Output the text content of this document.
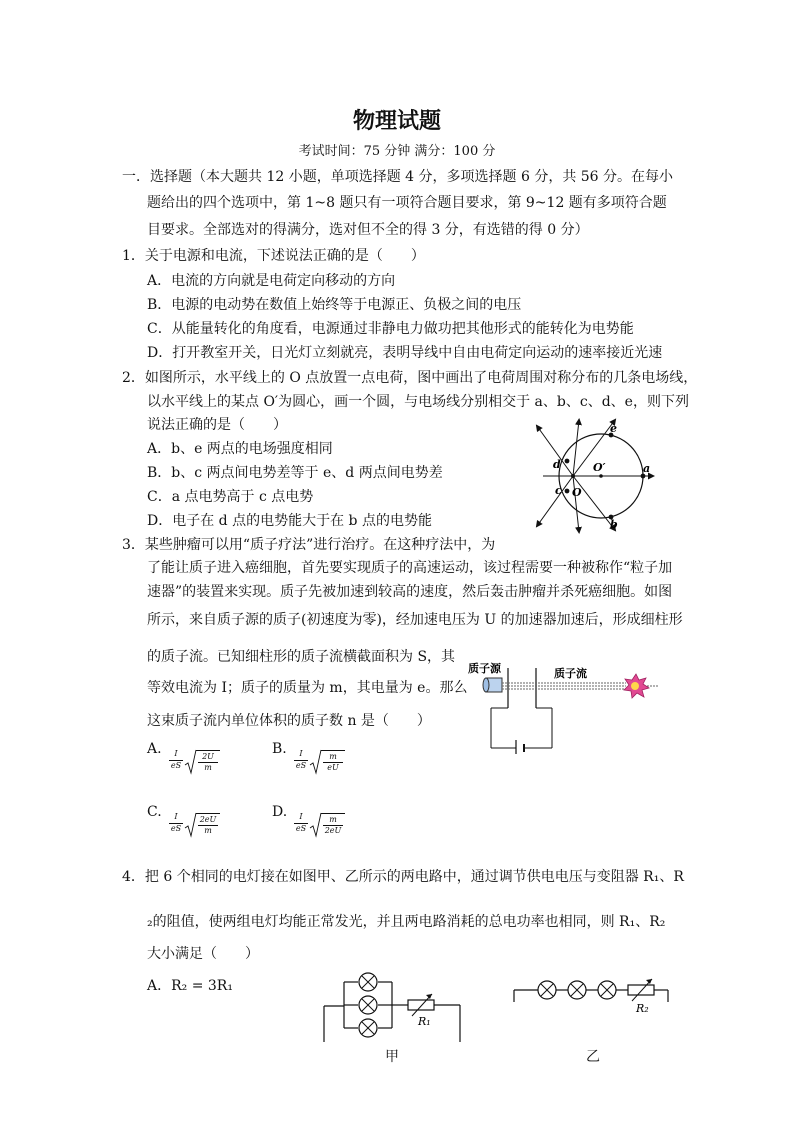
物理试题
考试时间：75 分钟 满分：100 分
一．选择题（本大题共 12 小题，单项选择题 4 分，多项选择题 6 分，共 56 分。在每小
题给出的四个选项中，第 1~8 题只有一项符合题目要求，第 9~12 题有多项符合题
目要求。全部选对的得满分，选对但不全的得 3 分，有选错的得 0 分）
1．关于电源和电流，下述说法正确的是（　　）
A．电流的方向就是电荷定向移动的方向
B．电源的电动势在数值上始终等于电源正、负极之间的电压
C．从能量转化的角度看，电源通过非静电力做功把其他形式的能转化为电势能
D．打开教室开关，日光灯立刻就亮，表明导线中自由电荷定向运动的速率接近光速
2．如图所示，水平线上的 O 点放置一点电荷，图中画出了电荷周围对称分布的几条电场线，
以水平线上的某点 O′为圆心，画一个圆，与电场线分别相交于 a、b、c、d、e，则下列
说法正确的是（　　）
A．b、e 两点的电场强度相同
B．b、c 两点间电势差等于 e、d 两点间电势差
C．a 点电势高于 c 点电势
D．电子在 d 点的电势能大于在 b 点的电势能
e
b
a
d
c O
O′
3．某些肿瘤可以用“质子疗法”进行治疗。在这种疗法中，为
了能让质子进入癌细胞，首先要实现质子的高速运动，该过程需要一种被称作“粒子加
速器”的装置来实现。质子先被加速到较高的速度，然后轰击肿瘤并杀死癌细胞。如图
所示，来自质子源的质子(初速度为零)，经加速电压为 U 的加速器加速后，形成细柱形
的质子流。已知细柱形的质子流横截面积为 S，其
等效电流为 I；质子的质量为 m，其电量为 e。那么
这束质子流内单位体积的质子数 n 是（　　）
质子源	质子流
A.	I
eS
2U
m
B.	I
eS
m
eU
C.	I
eS
2eU
m
D.	I
eS
m
2eU
4．把 6 个相同的电灯接在如图甲、乙所示的两电路中，通过调节供电电压与变阻器 R₁、R
₂的阻值，使两组电灯均能正常发光，并且两电路消耗的总电功率也相同，则 R₁、R₂
大小满足（　　）
A．R₂ = 3R₁
R₁
甲
R₂
乙
